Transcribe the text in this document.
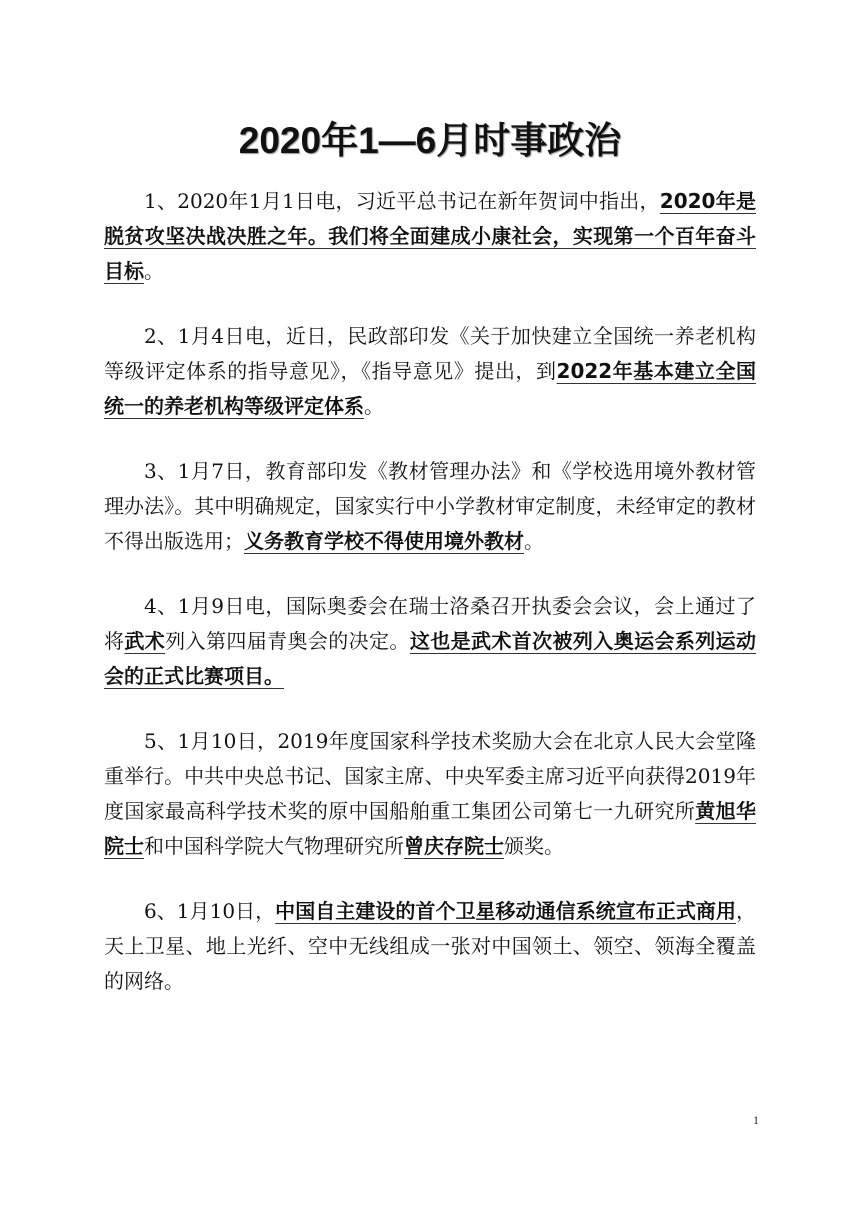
2020年1—6月时事政治

1、2020年1月1日电，习近平总书记在新年贺词中指出，2020年是脱贫攻坚决战决胜之年。我们将全面建成小康社会，实现第一个百年奋斗目标。

2、1月4日电，近日，民政部印发《关于加快建立全国统一养老机构等级评定体系的指导意见》，《指导意见》提出，到2022年基本建立全国统一的养老机构等级评定体系。

3、1月7日，教育部印发《教材管理办法》和《学校选用境外教材管理办法》。其中明确规定，国家实行中小学教材审定制度，未经审定的教材不得出版选用；义务教育学校不得使用境外教材。

4、1月9日电，国际奥委会在瑞士洛桑召开执委会会议，会上通过了将武术列入第四届青奥会的决定。这也是武术首次被列入奥运会系列运动会的正式比赛项目。

5、1月10日，2019年度国家科学技术奖励大会在北京人民大会堂隆重举行。中共中央总书记、国家主席、中央军委主席习近平向获得2019年度国家最高科学技术奖的原中国船舶重工集团公司第七一九研究所黄旭华院士和中国科学院大气物理研究所曾庆存院士颁奖。

6、1月10日，中国自主建设的首个卫星移动通信系统宣布正式商用，天上卫星、地上光纤、空中无线组成一张对中国领土、领空、领海全覆盖的网络。

1
